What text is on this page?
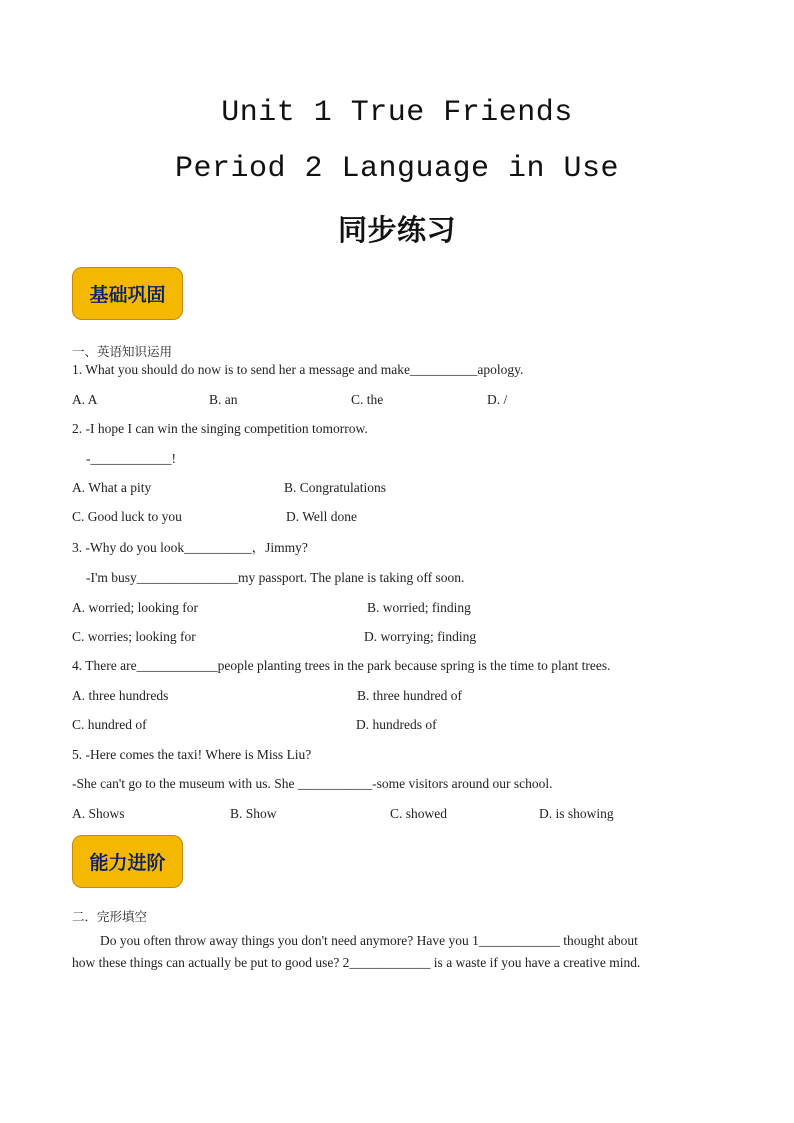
Unit 1 True Friends
Period 2 Language in Use
同步练习
基础巩固
一、英语知识运用
1. What you should do now is to send her a message and make__________apology.
A. A	B. an	C. the	D. /
2. -I hope I can win the singing competition tomorrow.
-____________!
A. What a pity	B. Congratulations
C. Good luck to you	D. Well done
3. -Why do you look__________，Jimmy?
-I'm busy_______________my passport. The plane is taking off soon.
A. worried; looking for	B. worried; finding
C. worries; looking for	D. worrying; finding
4. There are____________people planting trees in the park because spring is the time to plant trees.
A. three hundreds	B. three hundred of
C. hundred of	D. hundreds of
5. -Here comes the taxi! Where is Miss Liu?
-She can't go to the museum with us. She ___________-some visitors around our school.
A. Shows	B. Show	C. showed	D. is showing
能力进阶
二．完形填空
Do you often throw away things you don't need anymore? Have you 1____________ thought about
how these things can actually be put to good use? 2____________ is a waste if you have a creative mind.
